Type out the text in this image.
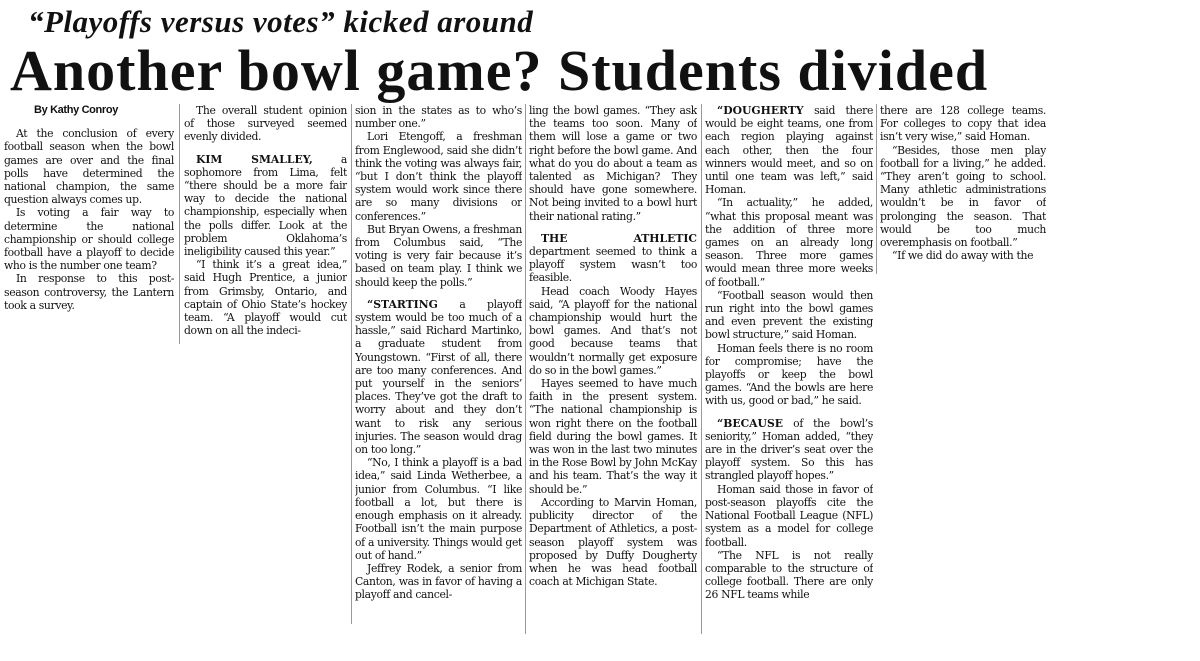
“Playoffs versus votes” kicked around
Another bowl game? Students divided

By Kathy Conroy

At the conclusion of every football season when the bowl games are over and the final polls have determined the national champion, the same question always comes up.

Is voting a fair way to determine the national championship or should college football have a playoff to decide who is the number one team?

In response to this post-season controversy, the Lantern took a survey.

The overall student opinion of those surveyed seemed evenly divided.

KIM SMALLEY, a sophomore from Lima, felt “there should be a more fair way to decide the national championship, especially when the polls differ. Look at the problem Oklahoma’s ineligibility caused this year.”

“I think it’s a great idea,” said Hugh Prentice, a junior from Grimsby, Ontario, and captain of Ohio State’s hockey team. “A playoff would cut down on all the indeci-

sion in the states as to who’s number one.”

Lori Etengoff, a freshman from Englewood, said she didn’t think the voting was always fair, “but I don’t think the playoff system would work since there are so many divisions or conferences.”

But Bryan Owens, a freshman from Columbus said, “The voting is very fair because it’s based on team play. I think we should keep the polls.”

“STARTING a playoff system would be too much of a hassle,” said Richard Martinko, a graduate student from Youngstown. “First of all, there are too many conferences. And put yourself in the seniors’ places. They’ve got the draft to worry about and they don’t want to risk any serious injuries. The season would drag on too long.”

“No, I think a playoff is a bad idea,” said Linda Wetherbee, a junior from Columbus. “I like football a lot, but there is enough emphasis on it already. Football isn’t the main purpose of a university. Things would get out of hand.”

Jeffrey Rodek, a senior from Canton, was in favor of having a playoff and cancel-

ling the bowl games. “They ask the teams too soon. Many of them will lose a game or two right before the bowl game. And what do you do about a team as talented as Michigan? They should have gone somewhere. Not being invited to a bowl hurt their national rating.”

THE ATHLETIC department seemed to think a playoff system wasn’t too feasible.

Head coach Woody Hayes said, “A playoff for the national championship would hurt the bowl games. And that’s not good because teams that wouldn’t normally get exposure do so in the bowl games.”

Hayes seemed to have much faith in the present system. “The national championship is won right there on the football field during the bowl games. It was won in the last two minutes in the Rose Bowl by John McKay and his team. That’s the way it should be.”

According to Marvin Homan, publicity director of the Department of Athletics, a post-season playoff system was proposed by Duffy Dougherty when he was head football coach at Michigan State.

“DOUGHERTY said there would be eight teams, one from each region playing against each other, then the four winners would meet, and so on until one team was left,” said Homan.

“In actuality,” he added, “what this proposal meant was the addition of three more games on an already long season. Three more games would mean three more weeks of football.”

“Football season would then run right into the bowl games and even prevent the existing bowl structure,” said Homan.

Homan feels there is no room for compromise; have the playoffs or keep the bowl games. “And the bowls are here with us, good or bad,” he said.

“BECAUSE of the bowl’s seniority,” Homan added, “they are in the driver’s seat over the playoff system. So this has strangled playoff hopes.”

Homan said those in favor of post-season playoffs cite the National Football League (NFL) system as a model for college football.

“The NFL is not really comparable to the structure of college football. There are only 26 NFL teams while

there are 128 college teams. For colleges to copy that idea isn’t very wise,” said Homan.

“Besides, those men play football for a living,” he added. “They aren’t going to school. Many athletic administrations wouldn’t be in favor of prolonging the season. That would be too much overemphasis on football.”

“If we did do away with the
